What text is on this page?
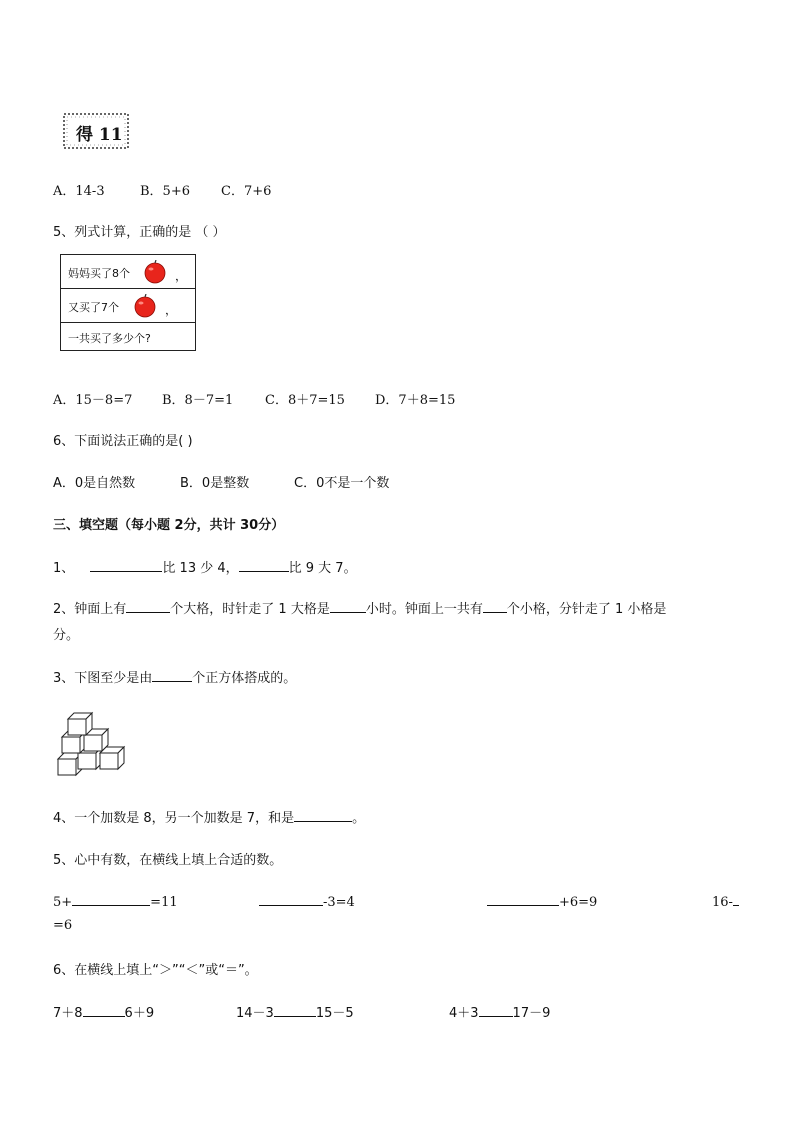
得 11
A．14-3	B．5+6 C．7+6
5、列式计算，正确的是 （ ）
妈妈买了8个	，
又买了7个	，
一共买了多少个?
A．15－8=7 B．8－7=1 C．8＋7=15 D．7＋8=15
6、下面说法正确的是( )
A．0是自然数	B．0是整数	C．0不是一个数
三、填空题（每小题 2分，共计 30分）
1、	比 13 少 4，	比 9 大 7。
2、钟面上有	个大格，时针走了 1 大格是	小时。钟面上一共有 个小格，分针走了 1 小格是
分。
3、下图至少是由	个正方体搭成的。
4、一个加数是 8，另一个加数是 7，和是	。
5、心中有数，在横线上填上合适的数。
5+	=11	-3=4	+6=9	16-
=6
6、在横线上填上“＞”“＜”或“＝”。
7＋8	6＋9	14－3	15－5	4＋3	17－9
